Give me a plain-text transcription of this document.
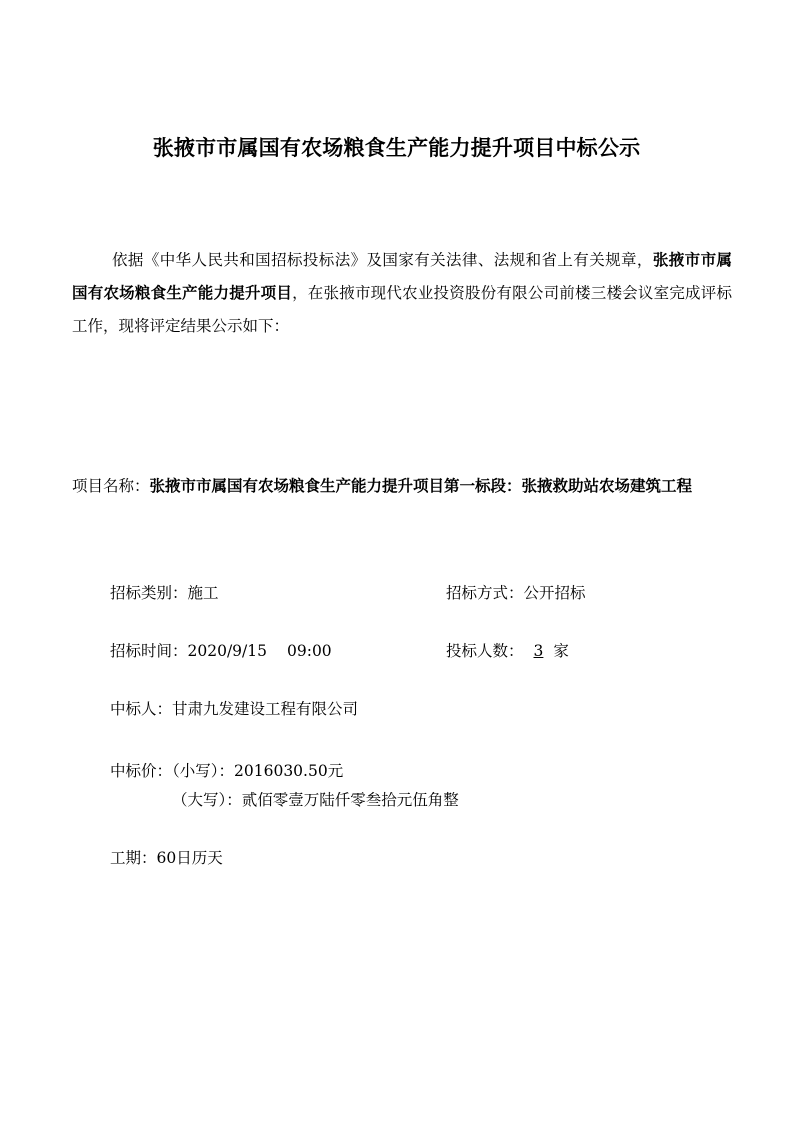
张掖市市属国有农场粮食生产能力提升项目中标公示
依据《中华人民共和国招标投标法》及国家有关法律、法规和省上有关规章，张掖市市属国有农场粮食生产能力提升项目，在张掖市现代农业投资股份有限公司前楼三楼会议室完成评标工作，现将评定结果公示如下：
项目名称：张掖市市属国有农场粮食生产能力提升项目第一标段：张掖救助站农场建筑工程
招标类别：施工	招标方式：公开招标
招标时间：2020/9/15 09:00	投标人数： 3 家
中标人：甘肃九发建设工程有限公司
中标价：（小写）：2016030.50元
（大写）：贰佰零壹万陆仟零叁拾元伍角整
工期：60日历天
